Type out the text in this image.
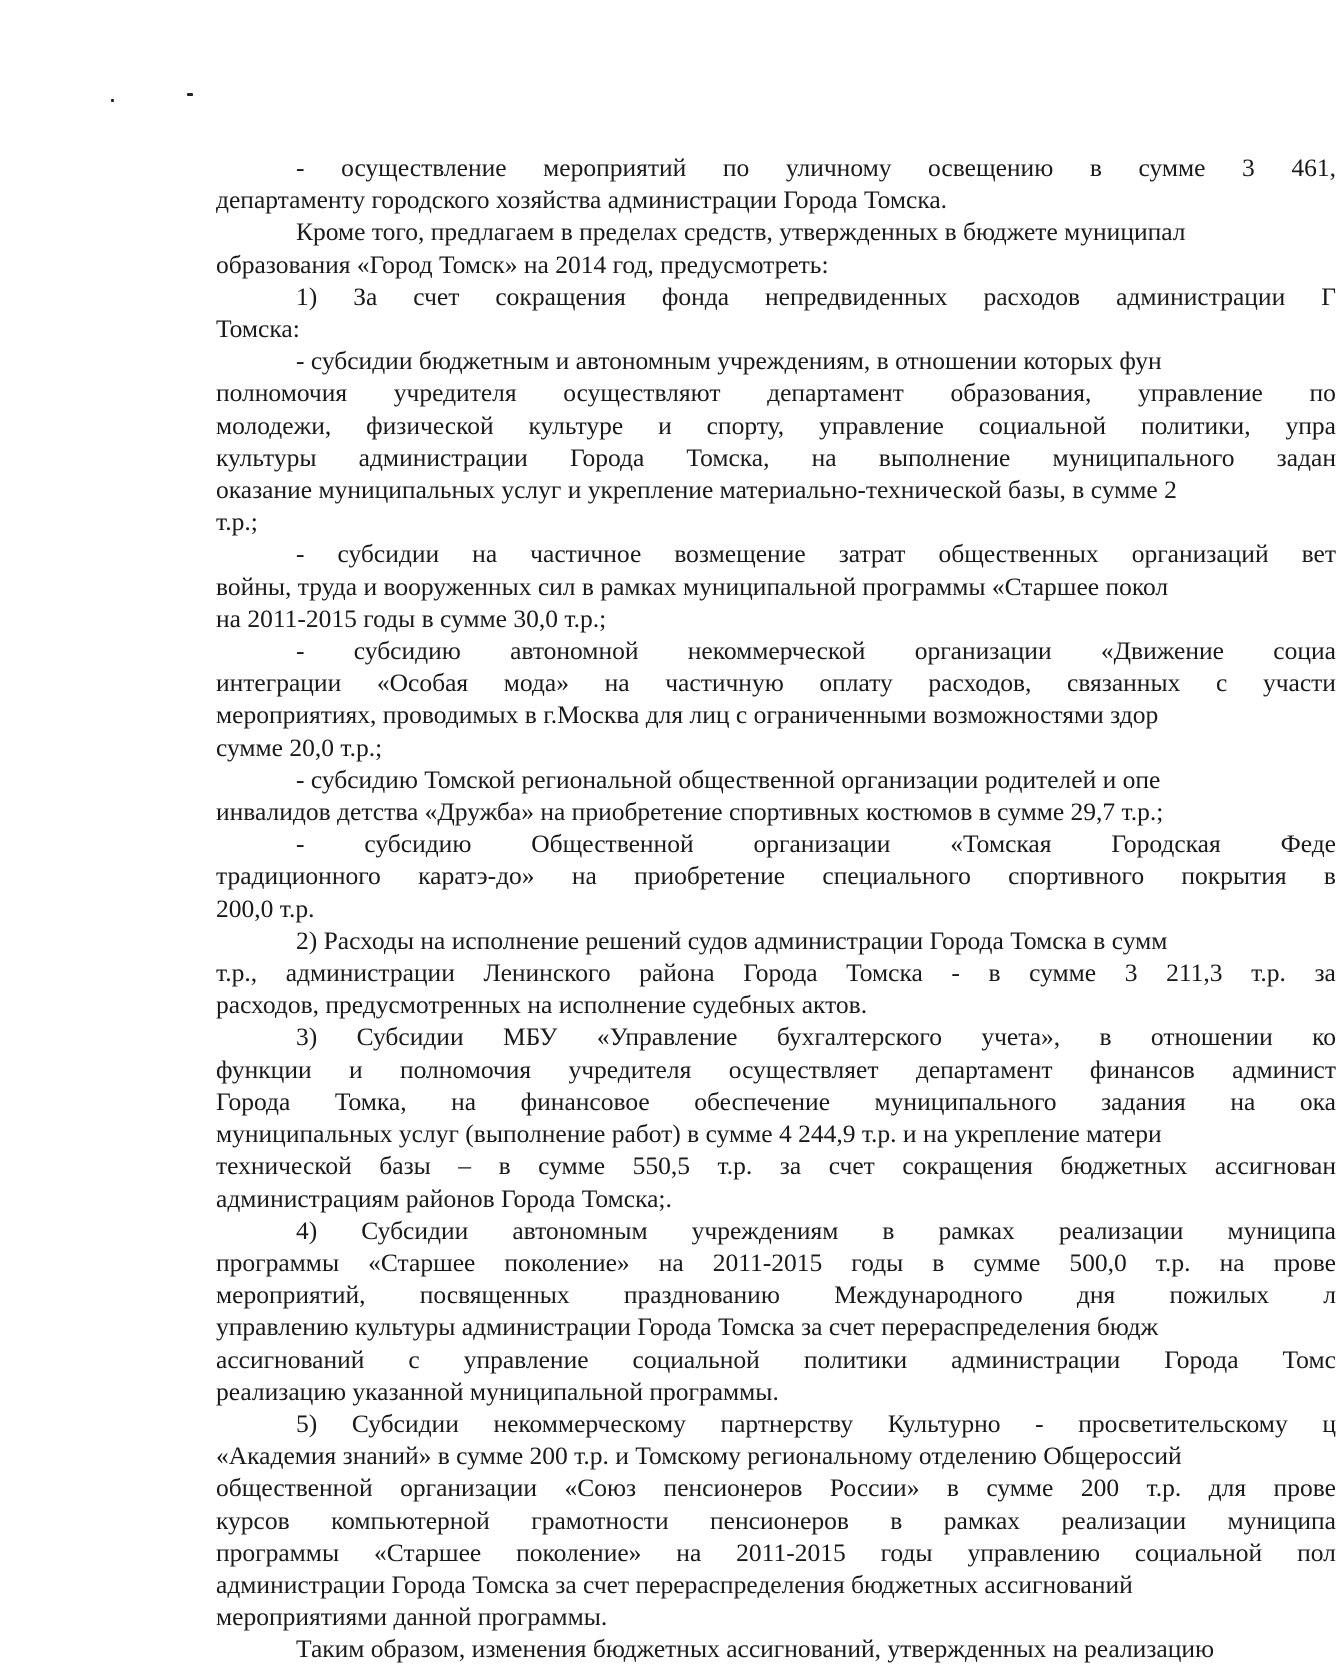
- осуществление мероприятий по уличному освещению в сумме 3 461,
департаменту городского хозяйства администрации Города Томска.
Кроме того, предлагаем в пределах средств, утвержденных в бюджете муниципал
образования «Город Томск» на 2014 год, предусмотреть:
1) За счет сокращения фонда непредвиденных расходов администрации Г
Томска:
- субсидии бюджетным и автономным учреждениям, в отношении которых фун
полномочия учредителя осуществляют департамент образования, управление по
молодежи, физической культуре и спорту, управление социальной политики, упра
культуры администрации Города Томска, на выполнение муниципального задан
оказание муниципальных услуг и укрепление материально-технической базы, в сумме 2
т.р.;
- субсидии на частичное возмещение затрат общественных организаций вет
войны, труда и вооруженных сил в рамках муниципальной программы «Старшее покол
на 2011-2015 годы в сумме 30,0 т.р.;
- субсидию автономной некоммерческой организации «Движение социа
интеграции «Особая мода» на частичную оплату расходов, связанных с участи
мероприятиях, проводимых в г.Москва для лиц с ограниченными возможностями здор
сумме 20,0 т.р.;
- субсидию Томской региональной общественной организации родителей и опе
инвалидов детства «Дружба» на приобретение спортивных костюмов в сумме 29,7 т.р.;
- субсидию Общественной организации «Томская Городская Феде
традиционного каратэ-до» на приобретение специального спортивного покрытия в
200,0 т.р.
2) Расходы на исполнение решений судов администрации Города Томска в сумм
т.р., администрации Ленинского района Города Томска - в сумме 3 211,3 т.р. за
расходов, предусмотренных на исполнение судебных актов.
3) Субсидии МБУ «Управление бухгалтерского учета», в отношении ко
функции и полномочия учредителя осуществляет департамент финансов админист
Города Томка, на финансовое обеспечение муниципального задания на ока
муниципальных услуг (выполнение работ) в сумме 4 244,9 т.р. и на укрепление матери
технической базы – в сумме 550,5 т.р. за счет сокращения бюджетных ассигнован
администрациям районов Города Томска;.
4) Субсидии автономным учреждениям в рамках реализации муниципа
программы «Старшее поколение» на 2011-2015 годы в сумме 500,0 т.р. на прове
мероприятий, посвященных празднованию Международного дня пожилых л
управлению культуры администрации Города Томска за счет перераспределения бюдж
ассигнований с управление социальной политики администрации Города Томс
реализацию указанной муниципальной программы.
5) Субсидии некоммерческому партнерству Культурно - просветительскому ц
«Академия знаний» в сумме 200 т.р. и Томскому региональному отделению Общероссий
общественной организации «Союз пенсионеров России» в сумме 200 т.р. для прове
курсов компьютерной грамотности пенсионеров в рамках реализации муниципа
программы «Старшее поколение» на 2011-2015 годы управлению социальной пол
администрации Города Томска за счет перераспределения бюджетных ассигнований
мероприятиями данной программы.
Таким образом, изменения бюджетных ассигнований, утвержденных на реализацию
